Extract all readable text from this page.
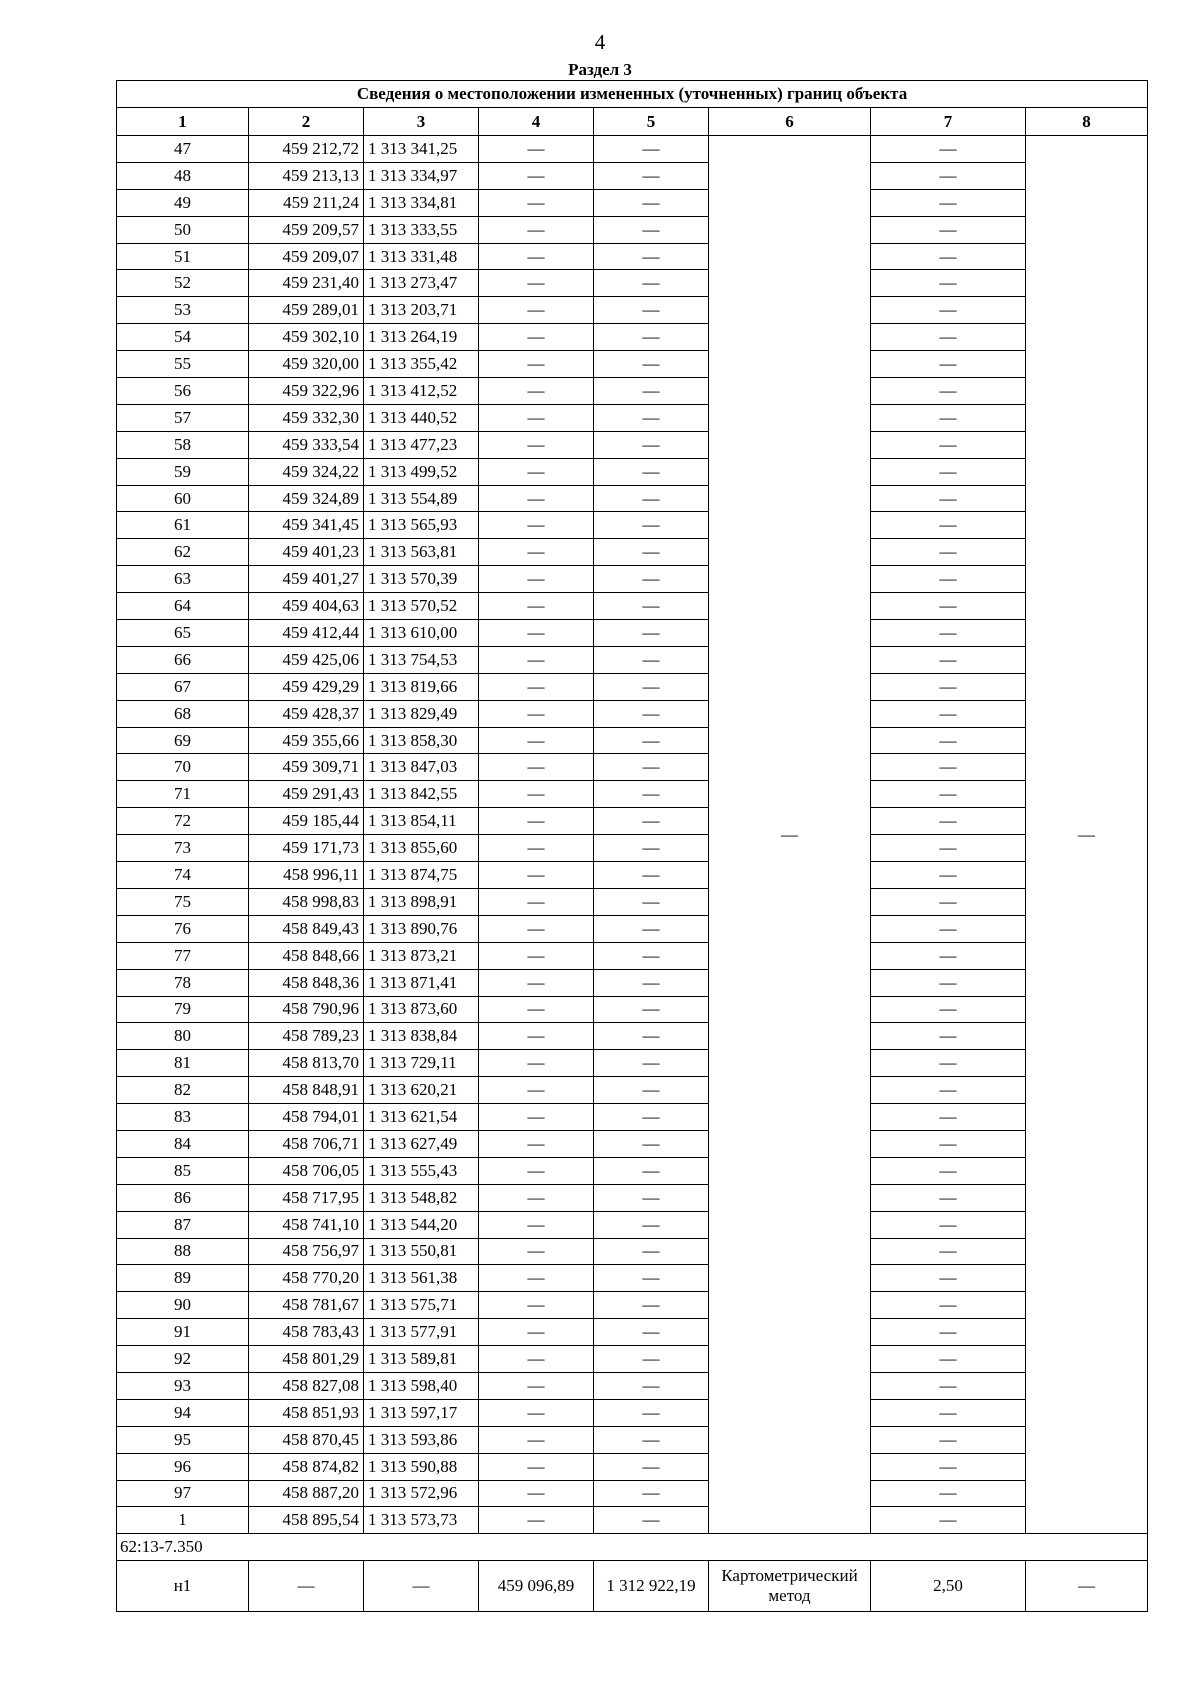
4
Раздел 3
Сведения о местоположении измененных (уточненных) границ объекта							
1	2	3	4	5	6	7	8
47	459 212,72	1 313 341,25	—	—	—	—	—
48	459 213,13	1 313 334,97	—	—		—	
49	459 211,24	1 313 334,81	—	—		—	
50	459 209,57	1 313 333,55	—	—		—	
51	459 209,07	1 313 331,48	—	—		—	
52	459 231,40	1 313 273,47	—	—		—	
53	459 289,01	1 313 203,71	—	—		—	
54	459 302,10	1 313 264,19	—	—		—	
55	459 320,00	1 313 355,42	—	—		—	
56	459 322,96	1 313 412,52	—	—		—	
57	459 332,30	1 313 440,52	—	—		—	
58	459 333,54	1 313 477,23	—	—		—	
59	459 324,22	1 313 499,52	—	—		—	
60	459 324,89	1 313 554,89	—	—		—	
61	459 341,45	1 313 565,93	—	—		—	
62	459 401,23	1 313 563,81	—	—		—	
63	459 401,27	1 313 570,39	—	—		—	
64	459 404,63	1 313 570,52	—	—		—	
65	459 412,44	1 313 610,00	—	—		—	
66	459 425,06	1 313 754,53	—	—		—	
67	459 429,29	1 313 819,66	—	—		—	
68	459 428,37	1 313 829,49	—	—		—	
69	459 355,66	1 313 858,30	—	—		—	
70	459 309,71	1 313 847,03	—	—		—	
71	459 291,43	1 313 842,55	—	—		—	
72	459 185,44	1 313 854,11	—	—		—	
73	459 171,73	1 313 855,60	—	—		—	
74	458 996,11	1 313 874,75	—	—		—	
75	458 998,83	1 313 898,91	—	—		—	
76	458 849,43	1 313 890,76	—	—		—	
77	458 848,66	1 313 873,21	—	—		—	
78	458 848,36	1 313 871,41	—	—		—	
79	458 790,96	1 313 873,60	—	—		—	
80	458 789,23	1 313 838,84	—	—		—	
81	458 813,70	1 313 729,11	—	—		—	
82	458 848,91	1 313 620,21	—	—		—	
83	458 794,01	1 313 621,54	—	—		—	
84	458 706,71	1 313 627,49	—	—		—	
85	458 706,05	1 313 555,43	—	—		—	
86	458 717,95	1 313 548,82	—	—		—	
87	458 741,10	1 313 544,20	—	—		—	
88	458 756,97	1 313 550,81	—	—		—	
89	458 770,20	1 313 561,38	—	—		—	
90	458 781,67	1 313 575,71	—	—		—	
91	458 783,43	1 313 577,91	—	—		—	
92	458 801,29	1 313 589,81	—	—		—	
93	458 827,08	1 313 598,40	—	—		—	
94	458 851,93	1 313 597,17	—	—		—	
95	458 870,45	1 313 593,86	—	—		—	
96	458 874,82	1 313 590,88	—	—		—	
97	458 887,20	1 313 572,96	—	—		—	
1	458 895,54	1 313 573,73	—	—		—	
62:13-7.350							
н1	—	—	459 096,89	1 312 922,19	Картометрический метод	2,50	—
